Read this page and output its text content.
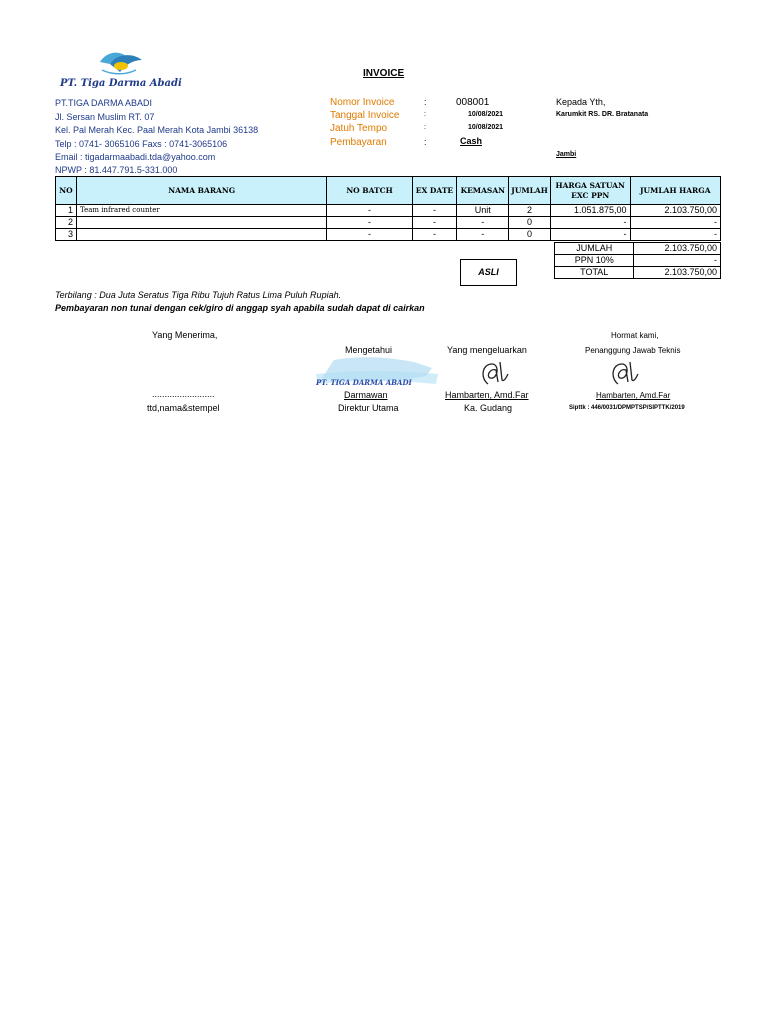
PT. Tiga Darma Abadi
PT.TIGA DARMA ABADI
Jl. Sersan Muslim RT. 07
Kel. Pal Merah Kec. Paal Merah Kota Jambi 36138
Telp : 0741- 3065106 Faxs : 0741-3065106
Email : tigadarmaabadi.tda@yahoo.com
NPWP : 81.447.791.5-331.000
INVOICE
Nomor Invoice	:	008001
Tanggal Invoice	:	10/08/2021
Jatuh Tempo	:	10/08/2021
Pembayaran	:	Cash
Kepada Yth,
Karumkit RS. DR. Bratanata
Jambi
NO	NAMA BARANG	NO BATCH	EX DATE	KEMASAN	JUMLAH	HARGA SATUAN EXC PPN	JUMLAH HARGA
1	Team infrared counter	-	-	Unit	2	1.051.875,00	2.103.750,00
2		-	-	-	0	-	-
3		-	-	-	0	-	-
JUMLAH	2.103.750,00
PPN 10%	-
TOTAL	2.103.750,00
ASLI
Terbilang : Dua Juta Seratus Tiga Ribu Tujuh Ratus Lima Puluh Rupiah.
Pembayaran non tunai dengan cek/giro di anggap syah apabila sudah dapat di cairkan
Yang Menerima,
.........................
ttd,nama&stempel
Mengetahui
PT. TIGA DARMA ABADI
Darmawan
Direktur Utama
Yang mengeluarkan
Hambarten, Amd.Far
Ka. Gudang
Hormat kami,
Penanggung Jawab Teknis
Hambarten, Amd.Far
Sipttk : 446/0031/DPMPTSP/SIPTTK/2019
